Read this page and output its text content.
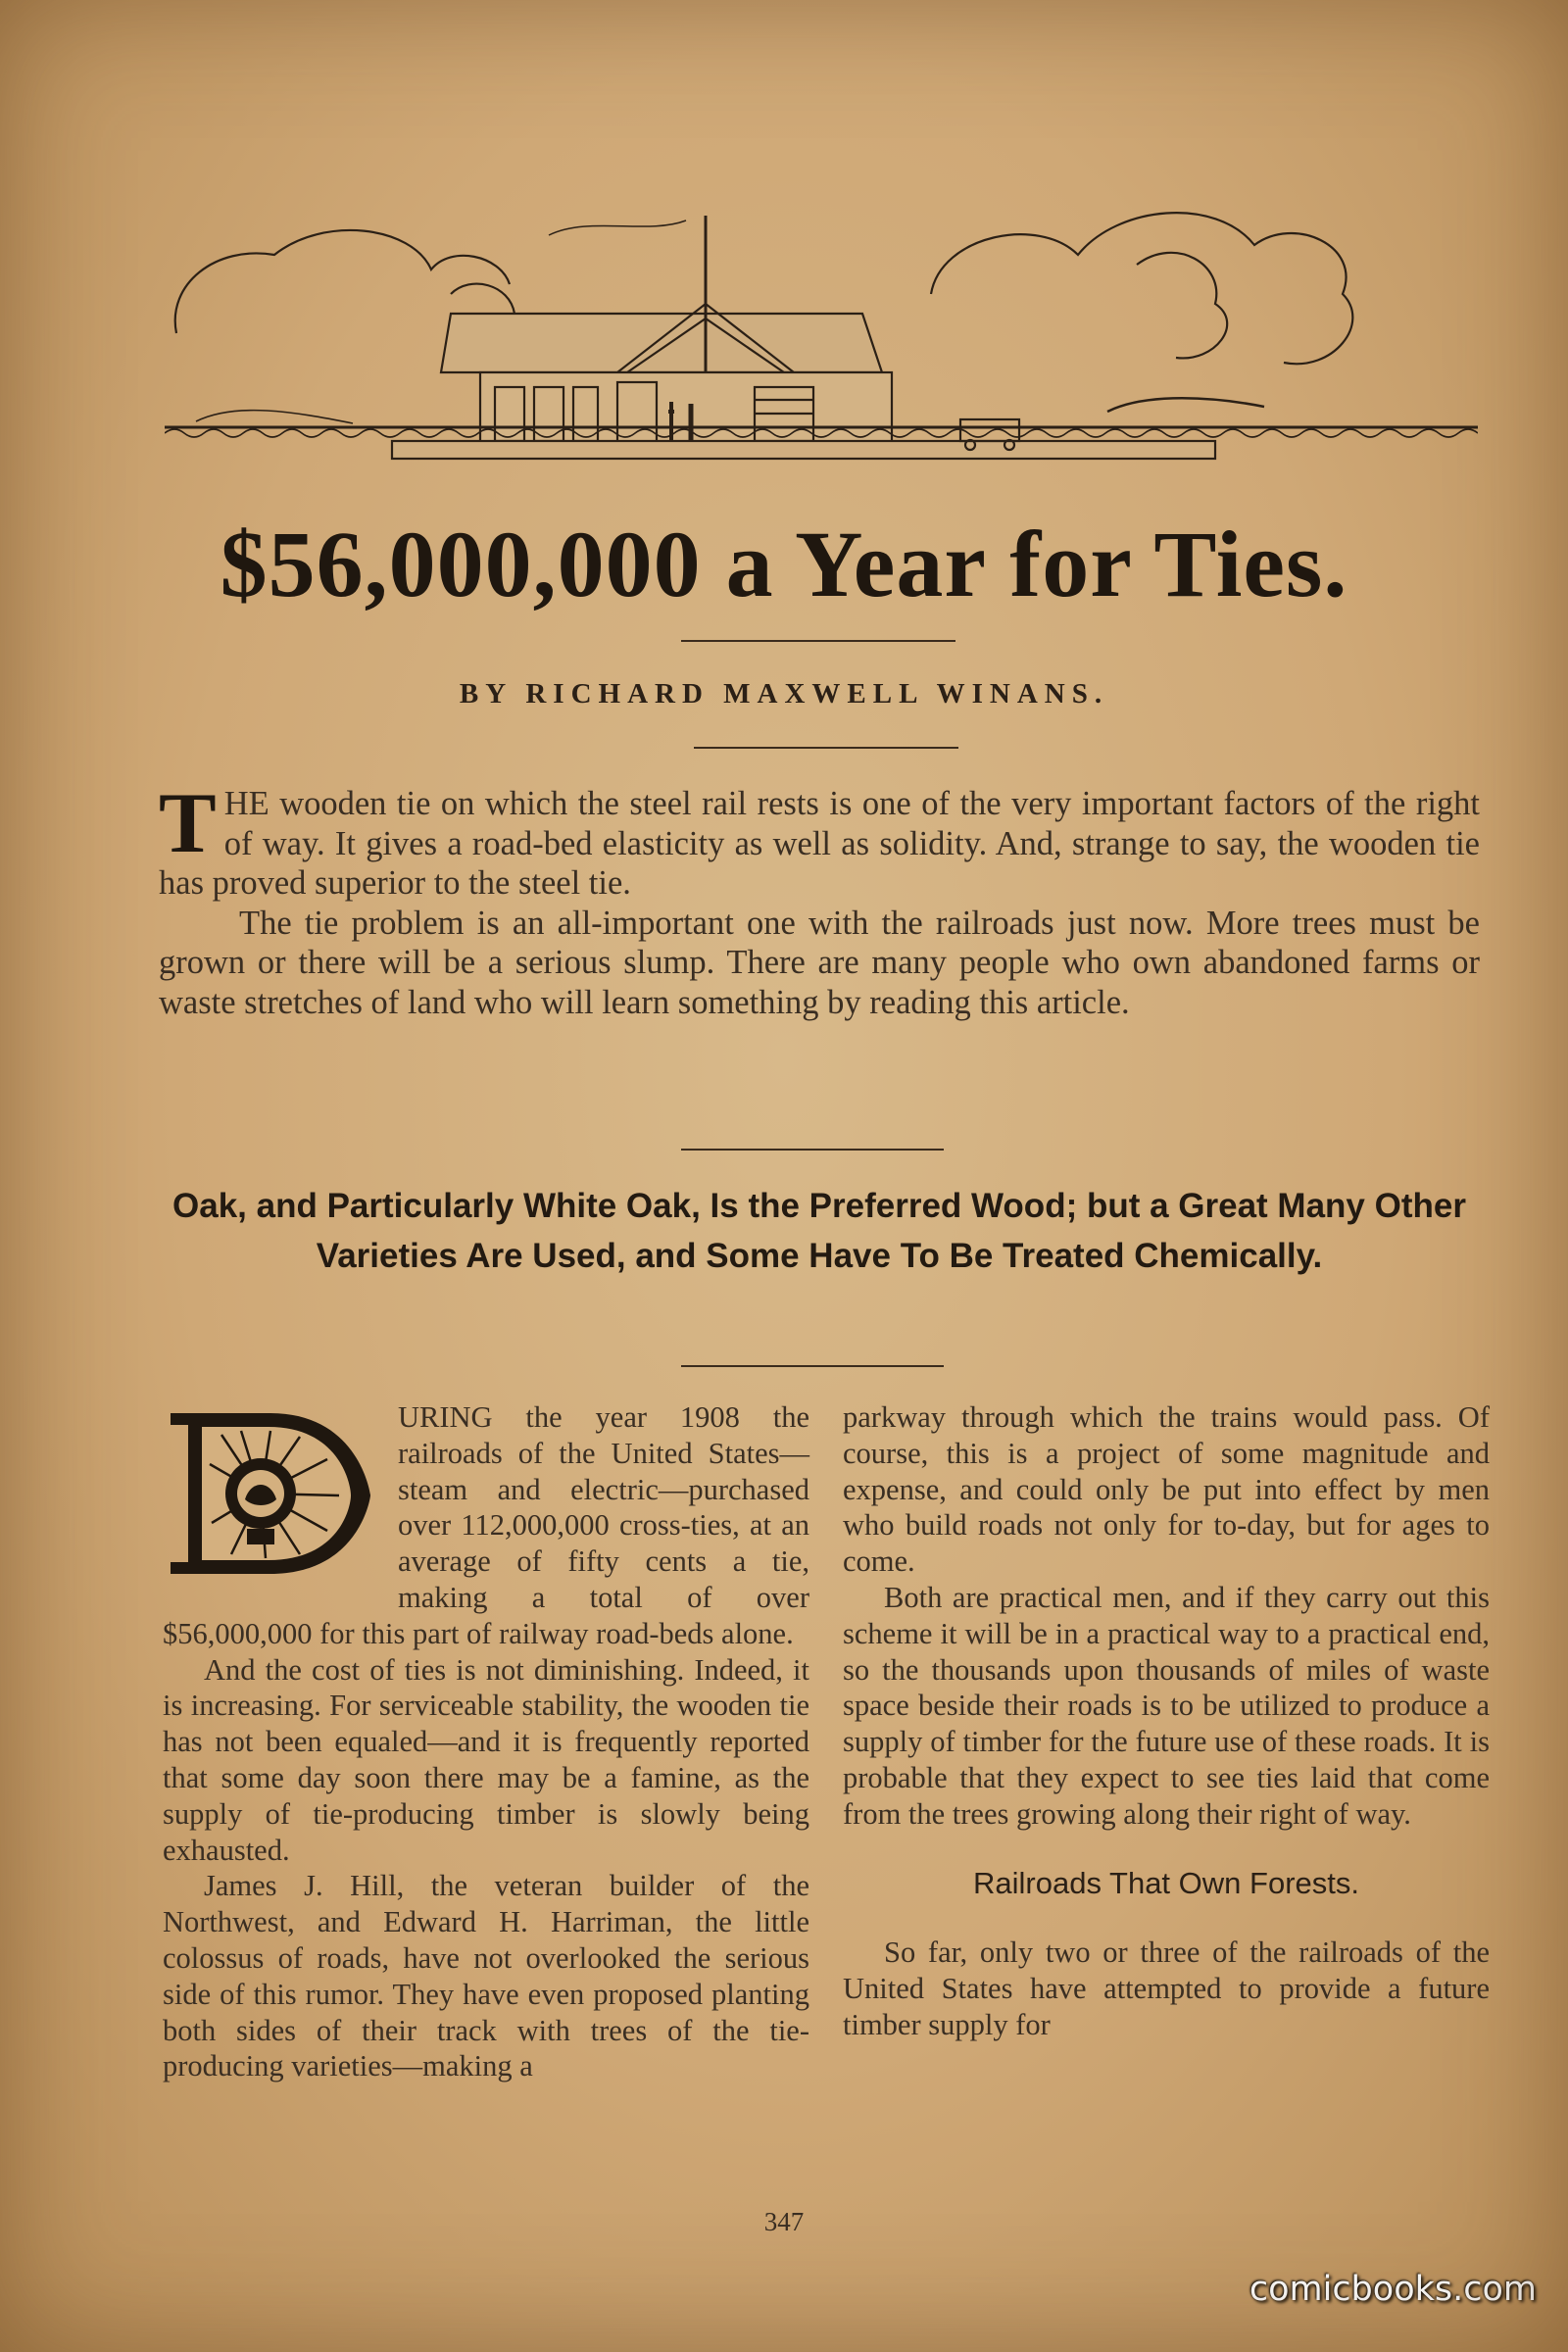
$56,000,000 a Year for Ties.
BY RICHARD MAXWELL WINANS.

THE wooden tie on which the steel rail rests is one of the very important factors of the right of way. It gives a road-bed elasticity as well as solidity. And, strange to say, the wooden tie has proved superior to the steel tie.

The tie problem is an all-important one with the railroads just now. More trees must be grown or there will be a serious slump. There are many people who own abandoned farms or waste stretches of land who will learn something by reading this article.

Oak, and Particularly White Oak, Is the Preferred Wood; but a Great Many Other Varieties Are Used, and Some Have To Be Treated Chemically.

URING the year 1908 the railroads of the United States—steam and electric—purchased over 112,000,000 cross-ties, at an average of fifty cents a tie, making a total of over $56,000,000 for this part of railway road-beds alone.

And the cost of ties is not diminishing. Indeed, it is increasing. For serviceable stability, the wooden tie has not been equaled—and it is frequently reported that some day soon there may be a famine, as the supply of tie-producing timber is slowly being exhausted.

James J. Hill, the veteran builder of the Northwest, and Edward H. Harriman, the little colossus of roads, have not overlooked the serious side of this rumor. They have even proposed planting both sides of their track with trees of the tie-producing varieties—making a

parkway through which the trains would pass. Of course, this is a project of some magnitude and expense, and could only be put into effect by men who build roads not only for to-day, but for ages to come.

Both are practical men, and if they carry out this scheme it will be in a practical way to a practical end, so the thousands upon thousands of miles of waste space beside their roads is to be utilized to produce a supply of timber for the future use of these roads. It is probable that they expect to see ties laid that come from the trees growing along their right of way.

Railroads That Own Forests.

So far, only two or three of the railroads of the United States have attempted to provide a future timber supply for

347
comicbooks.com
